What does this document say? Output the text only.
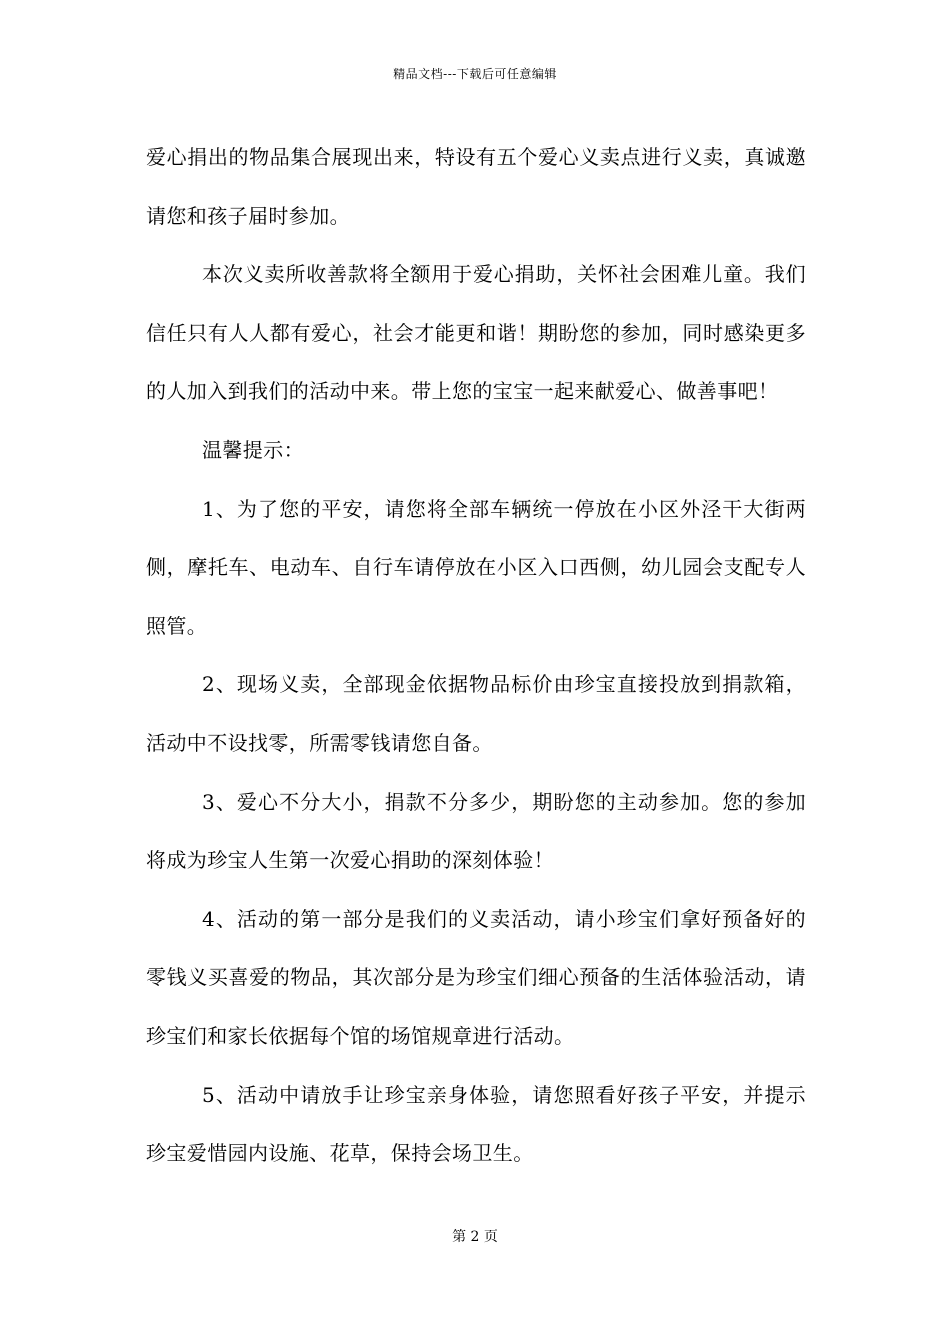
精品文档---下载后可任意编辑

爱心捐出的物品集合展现出来，特设有五个爱心义卖点进行义卖，真诚邀请您和孩子届时参加。

本次义卖所收善款将全额用于爱心捐助，关怀社会困难儿童。我们信任只有人人都有爱心，社会才能更和谐！期盼您的参加，同时感染更多的人加入到我们的活动中来。带上您的宝宝一起来献爱心、做善事吧！

温馨提示：

1、为了您的平安，请您将全部车辆统一停放在小区外泾干大街两侧，摩托车、电动车、自行车请停放在小区入口西侧，幼儿园会支配专人照管。

2、现场义卖，全部现金依据物品标价由珍宝直接投放到捐款箱，活动中不设找零，所需零钱请您自备。

3、爱心不分大小，捐款不分多少，期盼您的主动参加。您的参加将成为珍宝人生第一次爱心捐助的深刻体验！

4、活动的第一部分是我们的义卖活动，请小珍宝们拿好预备好的零钱义买喜爱的物品，其次部分是为珍宝们细心预备的生活体验活动，请珍宝们和家长依据每个馆的场馆规章进行活动。

5、活动中请放手让珍宝亲身体验，请您照看好孩子平安，并提示珍宝爱惜园内设施、花草，保持会场卫生。

第 2 页
